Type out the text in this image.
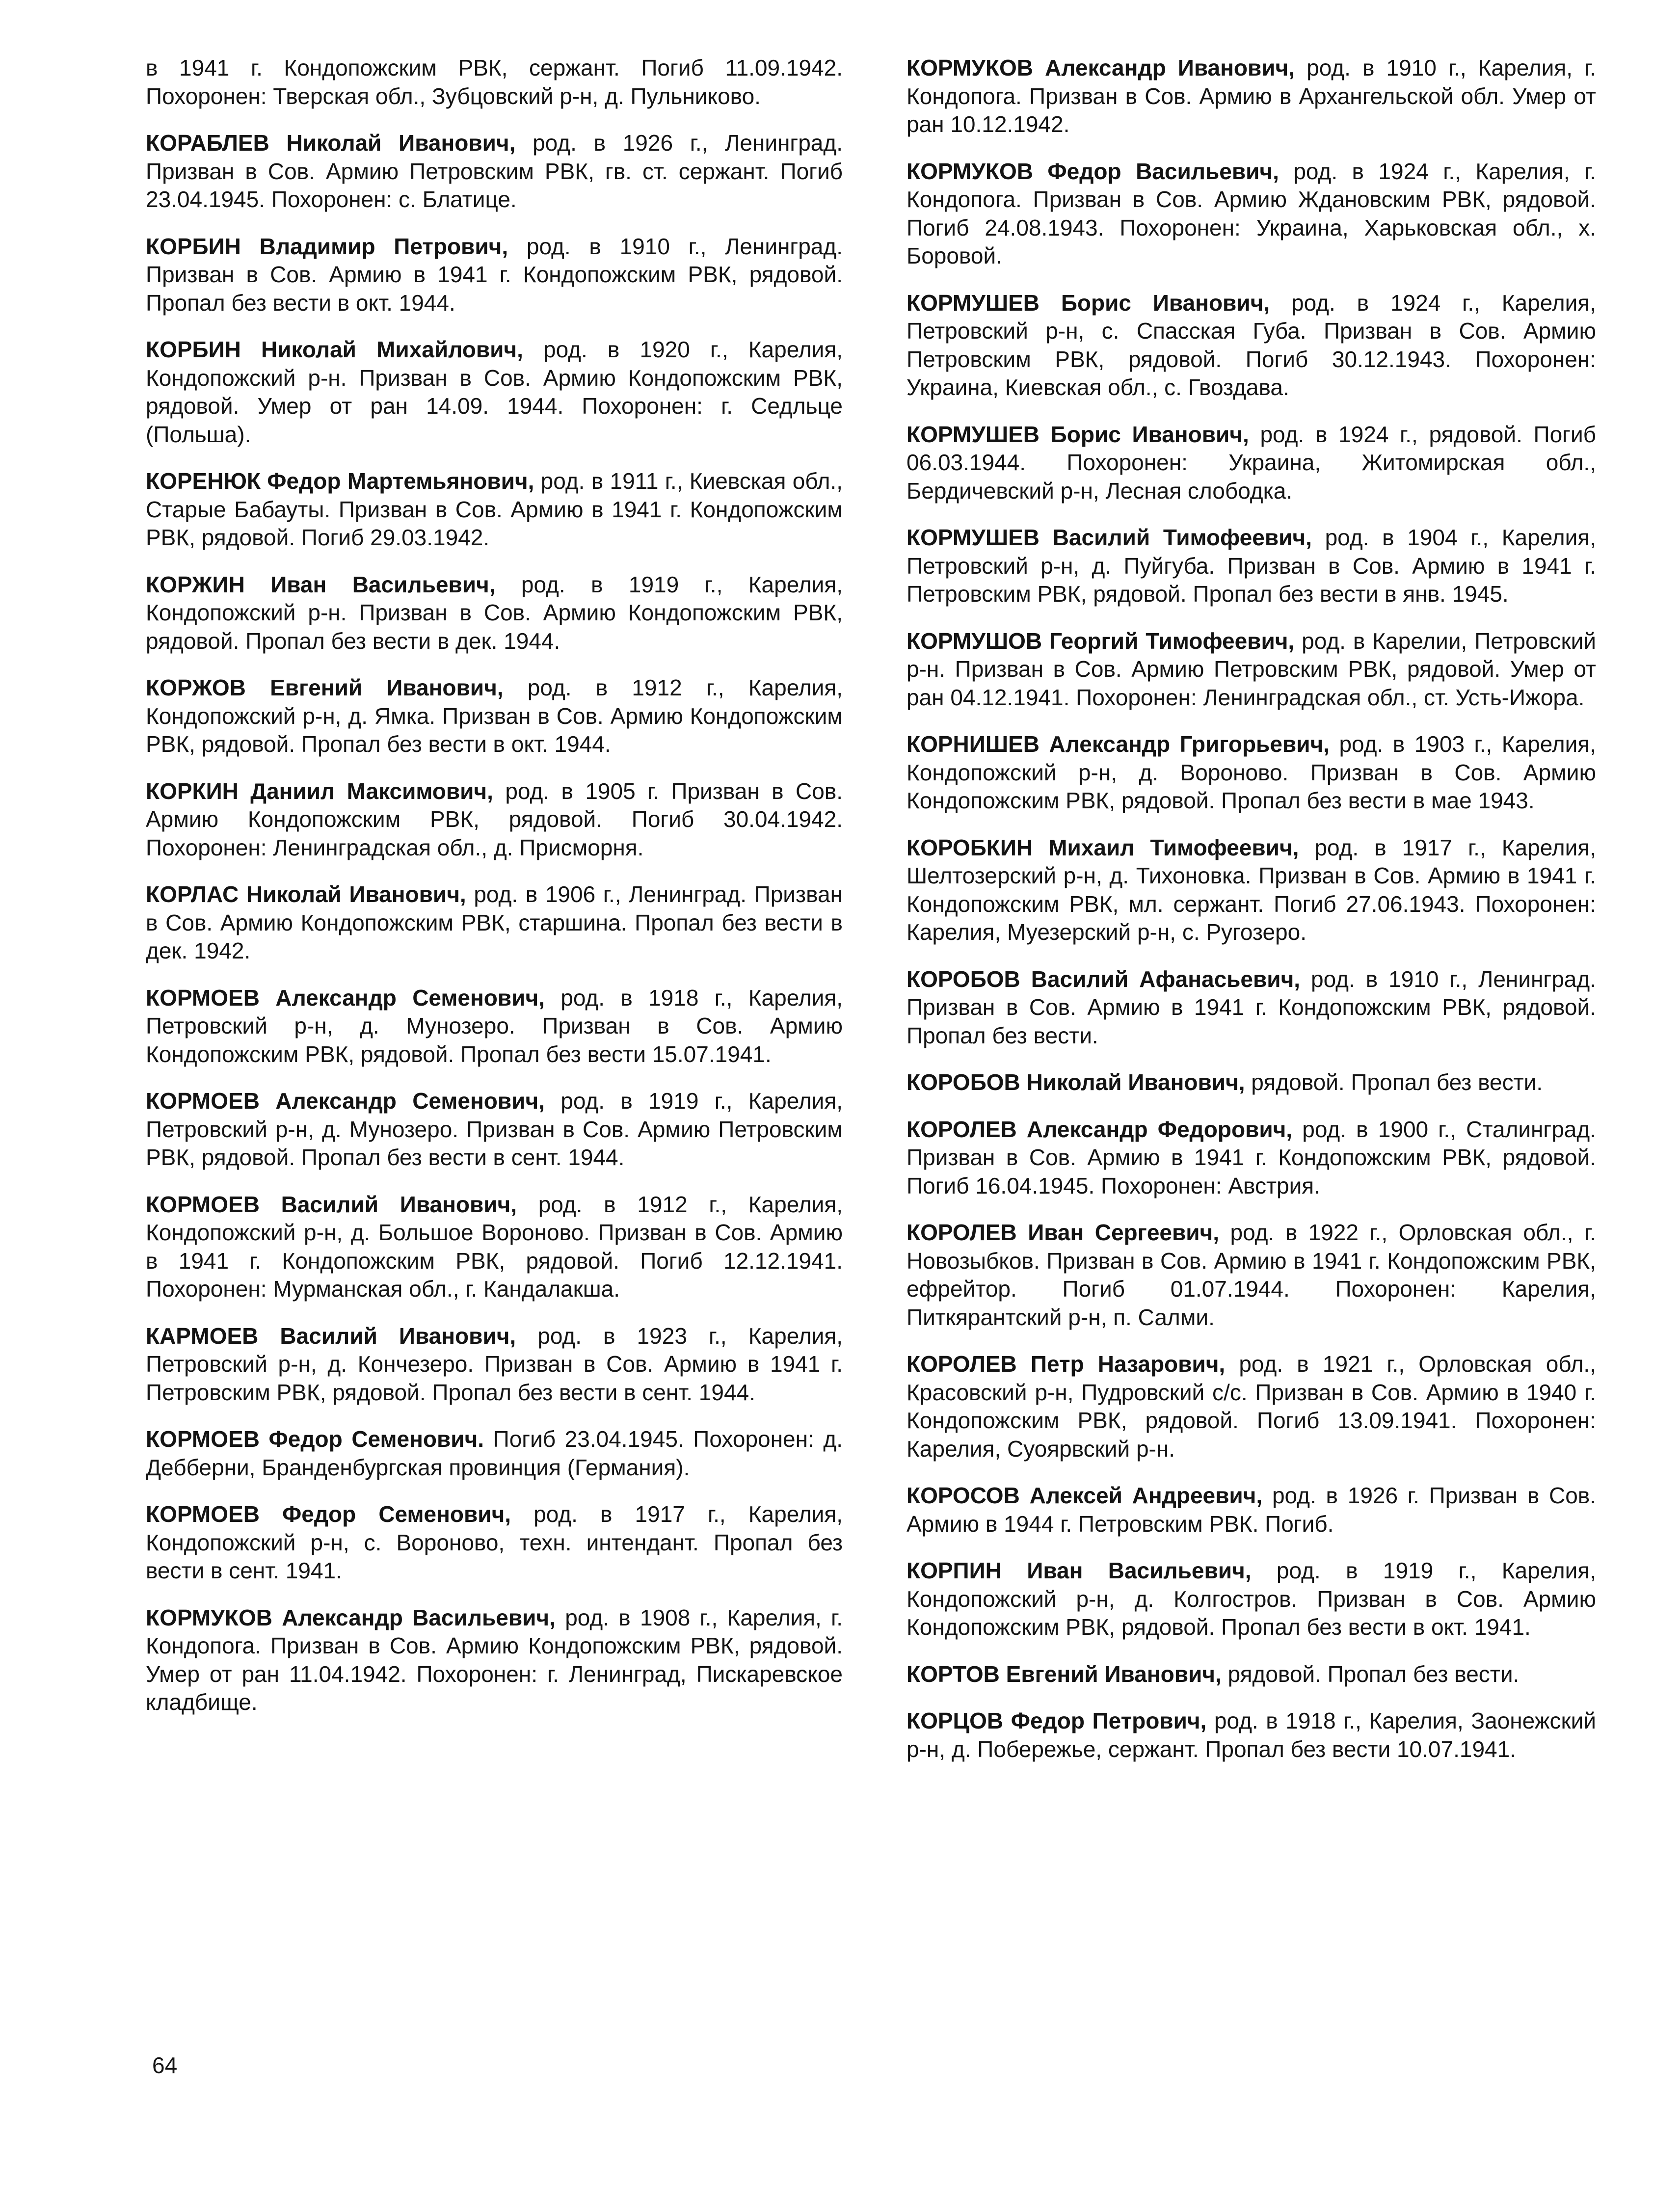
в 1941 г. Кондопожским РВК, сержант. Погиб 11.09.1942. Похоронен: Тверская обл., Зубцовский р-н, д. Пульниково.

КОРАБЛЕВ Николай Иванович, род. в 1926 г., Ленинград. Призван в Сов. Армию Петровским РВК, гв. ст. сержант. Погиб 23.04.1945. Похоронен: с. Блатице.

КОРБИН Владимир Петрович, род. в 1910 г., Ленинград. Призван в Сов. Армию в 1941 г. Кондопожским РВК, рядовой. Пропал без вести в окт. 1944.

КОРБИН Николай Михайлович, род. в 1920 г., Карелия, Кондопожский р-н. Призван в Сов. Армию Кондопожским РВК, рядовой. Умер от ран 14.09. 1944. Похоронен: г. Седльце (Польша).

КОРЕНЮК Федор Мартемьянович, род. в 1911 г., Киевская обл., Старые Бабауты. Призван в Сов. Армию в 1941 г. Кондопожским РВК, рядовой. Погиб 29.03.1942.

КОРЖИН Иван Васильевич, род. в 1919 г., Карелия, Кондопожский р-н. Призван в Сов. Армию Кондопожским РВК, рядовой. Пропал без вести в дек. 1944.

КОРЖОВ Евгений Иванович, род. в 1912 г., Карелия, Кондопожский р-н, д. Ямка. Призван в Сов. Армию Кондопожским РВК, рядовой. Пропал без вести в окт. 1944.

КОРКИН Даниил Максимович, род. в 1905 г. Призван в Сов. Армию Кондопожским РВК, рядовой. Погиб 30.04.1942. Похоронен: Ленинградская обл., д. Присморня.

КОРЛАС Николай Иванович, род. в 1906 г., Ленинград. Призван в Сов. Армию Кондопожским РВК, старшина. Пропал без вести в дек. 1942.

КОРМОЕВ Александр Семенович, род. в 1918 г., Карелия, Петровский р-н, д. Мунозеро. Призван в Сов. Армию Кондопожским РВК, рядовой. Пропал без вести 15.07.1941.

КОРМОЕВ Александр Семенович, род. в 1919 г., Карелия, Петровский р-н, д. Мунозеро. Призван в Сов. Армию Петровским РВК, рядовой. Пропал без вести в сент. 1944.

КОРМОЕВ Василий Иванович, род. в 1912 г., Карелия, Кондопожский р-н, д. Большое Вороново. Призван в Сов. Армию в 1941 г. Кондопожским РВК, рядовой. Погиб 12.12.1941. Похоронен: Мурманская обл., г. Кандалакша.

КАРМОЕВ Василий Иванович, род. в 1923 г., Карелия, Петровский р-н, д. Кончезеро. Призван в Сов. Армию в 1941 г. Петровским РВК, рядовой. Пропал без вести в сент. 1944.

КОРМОЕВ Федор Семенович. Погиб 23.04.1945. Похоронен: д. Дебберни, Бранденбургская провинция (Германия).

КОРМОЕВ Федор Семенович, род. в 1917 г., Карелия, Кондопожский р-н, с. Вороново, техн. интендант. Пропал без вести в сент. 1941.

КОРМУКОВ Александр Васильевич, род. в 1908 г., Карелия, г. Кондопога. Призван в Сов. Армию Кондопожским РВК, рядовой. Умер от ран 11.04.1942. Похоронен: г. Ленинград, Пискаревское кладбище.

КОРМУКОВ Александр Иванович, род. в 1910 г., Карелия, г. Кондопога. Призван в Сов. Армию в Архангельской обл. Умер от ран 10.12.1942.

КОРМУКОВ Федор Васильевич, род. в 1924 г., Карелия, г. Кондопога. Призван в Сов. Армию Ждановским РВК, рядовой. Погиб 24.08.1943. Похоронен: Украина, Харьковская обл., х. Боровой.

КОРМУШЕВ Борис Иванович, род. в 1924 г., Карелия, Петровский р-н, с. Спасская Губа. Призван в Сов. Армию Петровским РВК, рядовой. Погиб 30.12.1943. Похоронен: Украина, Киевская обл., с. Гвоздава.

КОРМУШЕВ Борис Иванович, род. в 1924 г., рядовой. Погиб 06.03.1944. Похоронен: Украина, Житомирская обл., Бердичевский р-н, Лесная слободка.

КОРМУШЕВ Василий Тимофеевич, род. в 1904 г., Карелия, Петровский р-н, д. Пуйгуба. Призван в Сов. Армию в 1941 г. Петровским РВК, рядовой. Пропал без вести в янв. 1945.

КОРМУШОВ Георгий Тимофеевич, род. в Карелии, Петровский р-н. Призван в Сов. Армию Петровским РВК, рядовой. Умер от ран 04.12.1941. Похоронен: Ленинградская обл., ст. Усть-Ижора.

КОРНИШЕВ Александр Григорьевич, род. в 1903 г., Карелия, Кондопожский р-н, д. Вороново. Призван в Сов. Армию Кондопожским РВК, рядовой. Пропал без вести в мае 1943.

КОРОБКИН Михаил Тимофеевич, род. в 1917 г., Карелия, Шелтозерский р-н, д. Тихоновка. Призван в Сов. Армию в 1941 г. Кондопожским РВК, мл. сержант. Погиб 27.06.1943. Похоронен: Карелия, Муезерский р-н, с. Ругозеро.

КОРОБОВ Василий Афанасьевич, род. в 1910 г., Ленинград. Призван в Сов. Армию в 1941 г. Кондопожским РВК, рядовой. Пропал без вести.

КОРОБОВ Николай Иванович, рядовой. Пропал без вести.

КОРОЛЕВ Александр Федорович, род. в 1900 г., Сталинград. Призван в Сов. Армию в 1941 г. Кондопожским РВК, рядовой. Погиб 16.04.1945. Похоронен: Австрия.

КОРОЛЕВ Иван Сергеевич, род. в 1922 г., Орловская обл., г. Новозыбков. Призван в Сов. Армию в 1941 г. Кондопожским РВК, ефрейтор. Погиб 01.07.1944. Похоронен: Карелия, Питкярантский р-н, п. Салми.

КОРОЛЕВ Петр Назарович, род. в 1921 г., Орловская обл., Красовский р-н, Пудровский с/с. Призван в Сов. Армию в 1940 г. Кондопожским РВК, рядовой. Погиб 13.09.1941. Похоронен: Карелия, Суоярвский р-н.

КОРОСОВ Алексей Андреевич, род. в 1926 г. Призван в Сов. Армию в 1944 г. Петровским РВК. Погиб.

КОРПИН Иван Васильевич, род. в 1919 г., Карелия, Кондопожский р-н, д. Колгостров. Призван в Сов. Армию Кондопожским РВК, рядовой. Пропал без вести в окт. 1941.

КОРТОВ Евгений Иванович, рядовой. Пропал без вести.

КОРЦОВ Федор Петрович, род. в 1918 г., Карелия, Заонежский р-н, д. Побережье, сержант. Пропал без вести 10.07.1941.

64
